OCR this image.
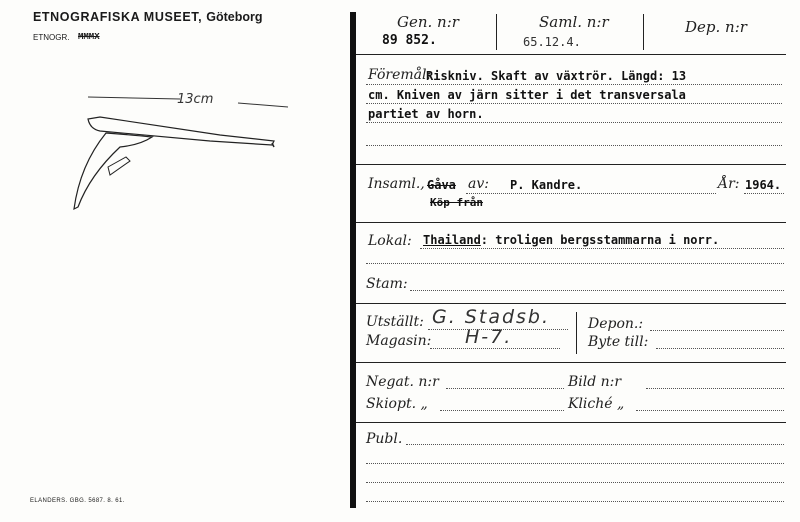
ETNOGRAFISKA MUSEET, Göteborg
ETNOGR. MMMX
13cm
ELANDERS. GBG. 5687. 8. 61.
Gen. n:r
89 852.
Saml. n:r
65.12.4.
Dep. n:r
Föremål:
Riskniv. Skaft av växtrör. Längd: 13
cm. Kniven av järn sitter i det transversala
partiet av horn.
Insaml., Gåva av: P. Kandre.	År: 1964.
Köp från
Lokal: Thailand: troligen bergsstammarna i norr.
Stam:
Utställt: G. Stadsb.
Magasin: H-7.
Depon.:
Byte till:
Negat. n:r	Bild n:r
Skiopt. „	Kliché „
Publ.
